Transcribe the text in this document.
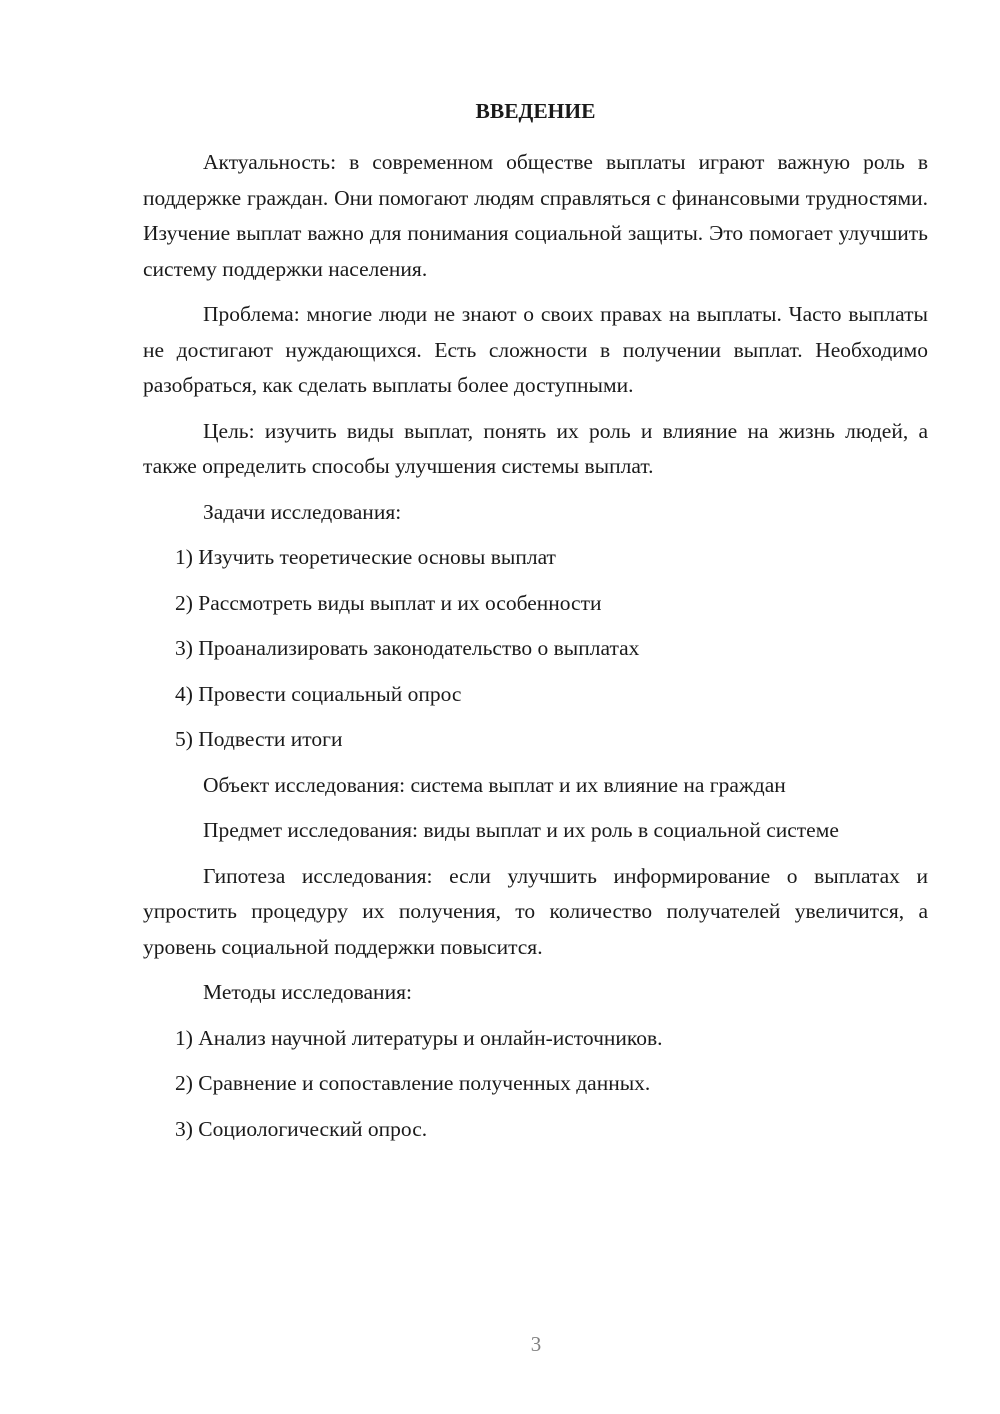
ВВЕДЕНИЕ
Актуальность: в современном обществе выплаты играют важную роль в поддержке граждан. Они помогают людям справляться с финансовыми трудностями. Изучение выплат важно для понимания социальной защиты. Это помогает улучшить систему поддержки населения.
Проблема: многие люди не знают о своих правах на выплаты. Часто выплаты не достигают нуждающихся. Есть сложности в получении выплат. Необходимо разобраться, как сделать выплаты более доступными.
Цель: изучить виды выплат, понять их роль и влияние на жизнь людей, а также определить способы улучшения системы выплат.
Задачи исследования:
1) Изучить теоретические основы выплат
2) Рассмотреть виды выплат и их особенности
3) Проанализировать законодательство о выплатах
4) Провести социальный опрос
5) Подвести итоги
Объект исследования: система выплат и их влияние на граждан
Предмет исследования: виды выплат и их роль в социальной системе
Гипотеза исследования: если улучшить информирование о выплатах и упростить процедуру их получения, то количество получателей увеличится, а уровень социальной поддержки повысится.
Методы исследования:
1) Анализ научной литературы и онлайн-источников.
2) Сравнение и сопоставление полученных данных.
3) Социологический опрос.
3
